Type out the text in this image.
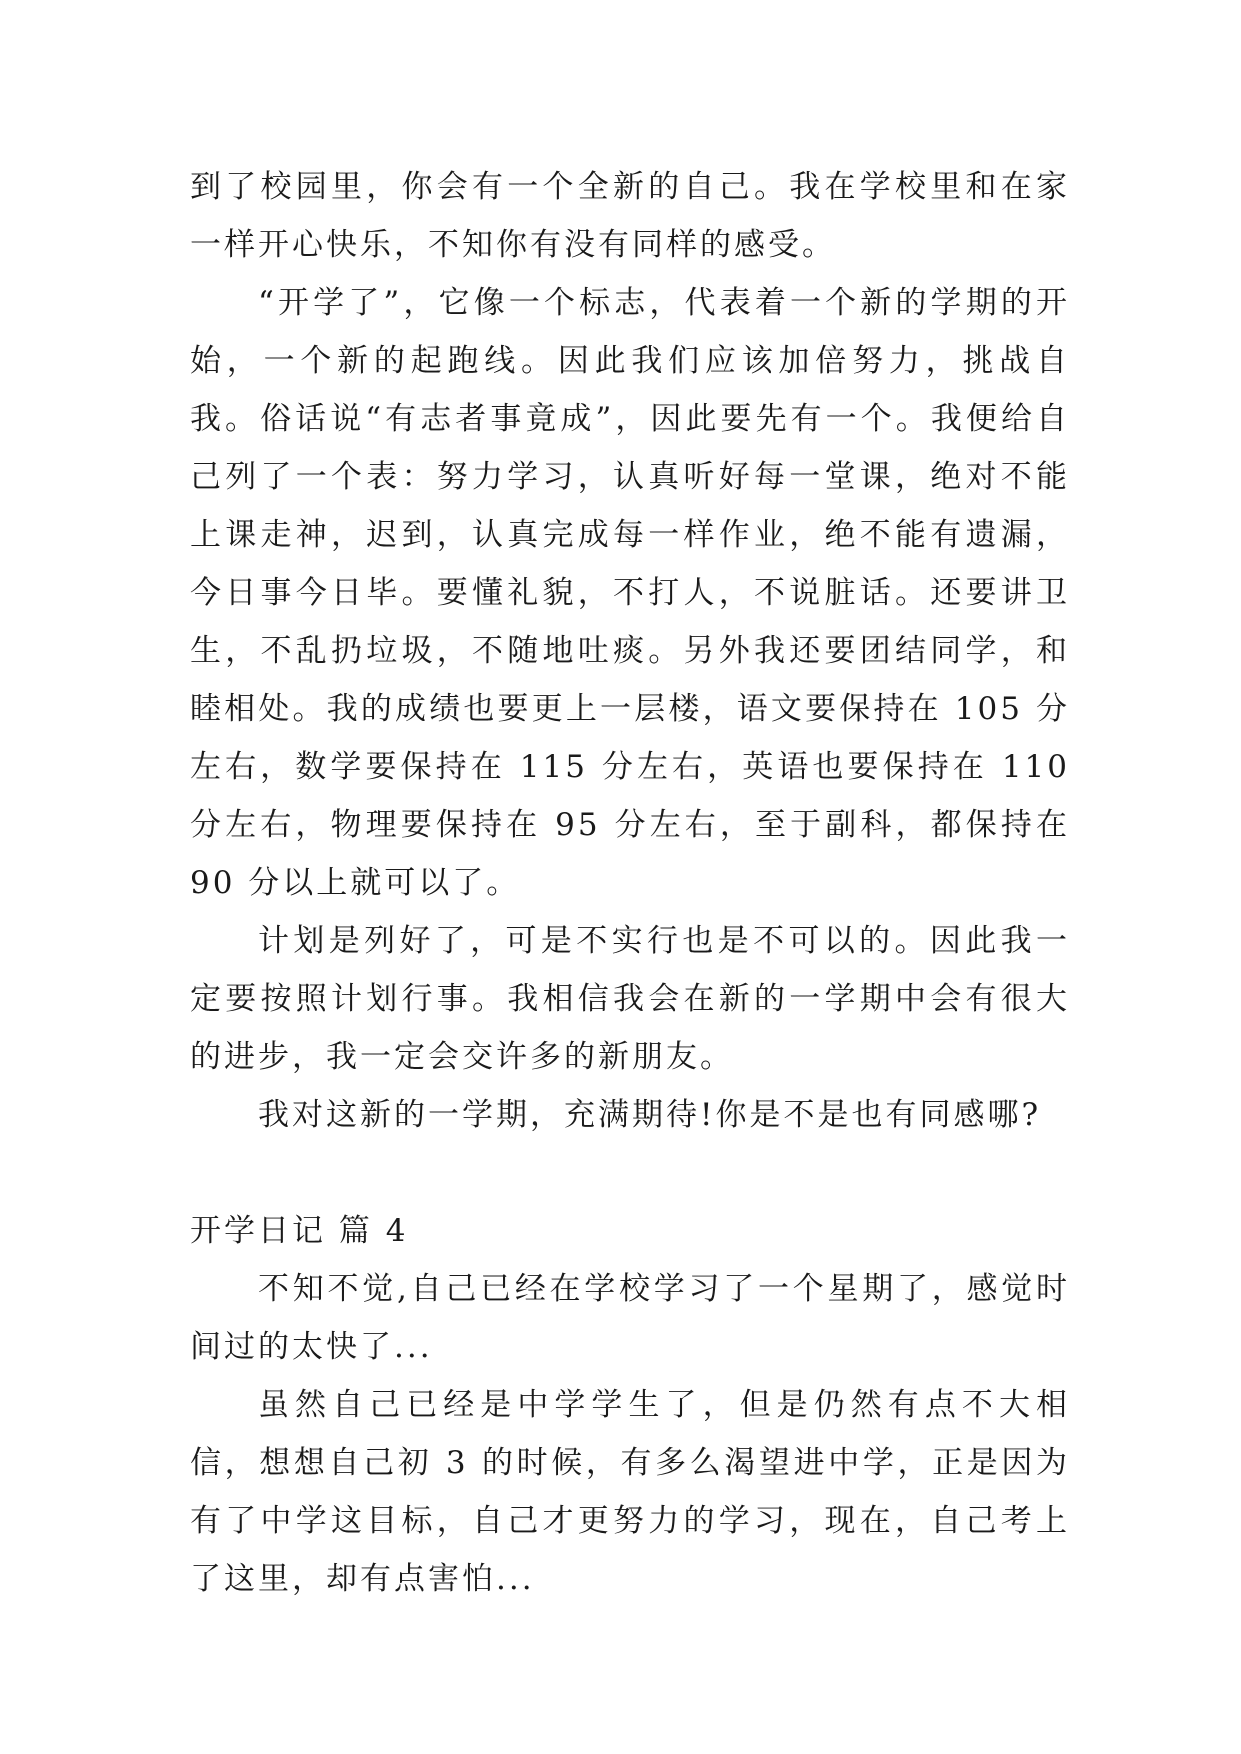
到了校园里，你会有一个全新的自己。我在学校里和在家一样开心快乐，不知你有没有同样的感受。

“开学了”，它像一个标志，代表着一个新的学期的开始，一个新的起跑线。因此我们应该加倍努力，挑战自我。俗话说“有志者事竟成”，因此要先有一个。我便给自己列了一个表：努力学习，认真听好每一堂课，绝对不能上课走神，迟到，认真完成每一样作业，绝不能有遗漏，今日事今日毕。要懂礼貌，不打人，不说脏话。还要讲卫生，不乱扔垃圾，不随地吐痰。另外我还要团结同学，和睦相处。我的成绩也要更上一层楼，语文要保持在 105 分左右，数学要保持在 115 分左右，英语也要保持在 110 分左右，物理要保持在 95 分左右，至于副科，都保持在 90 分以上就可以了。

计划是列好了，可是不实行也是不可以的。因此我一定要按照计划行事。我相信我会在新的一学期中会有很大的进步，我一定会交许多的新朋友。

我对这新的一学期，充满期待!你是不是也有同感哪?

开学日记 篇 4

不知不觉,自己已经在学校学习了一个星期了，感觉时间过的太快了...

虽然自己已经是中学学生了，但是仍然有点不大相信，想想自己初 3 的时候，有多么渴望进中学，正是因为有了中学这目标，自己才更努力的学习，现在，自己考上了这里，却有点害怕...
